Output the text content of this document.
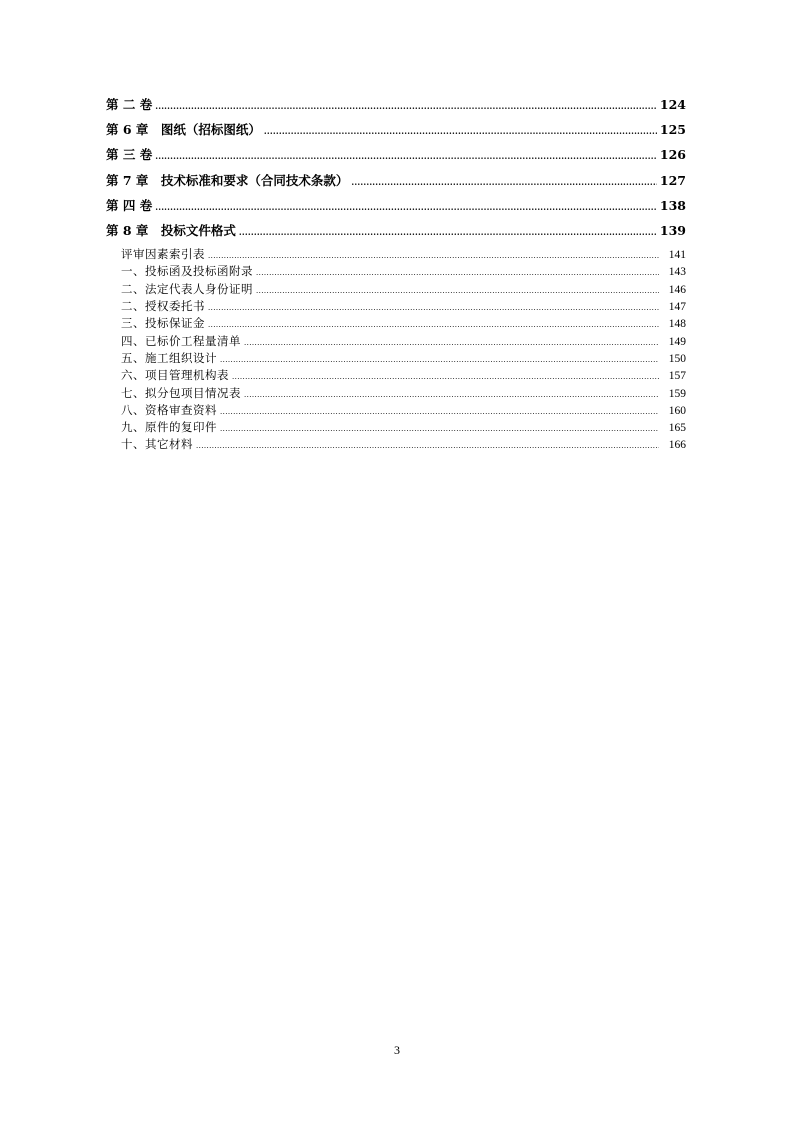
第 二 卷 .....	124
第 6 章　图纸（招标图纸） .....	125
第 三 卷 .....	126
第 7 章　技术标准和要求（合同技术条款） .....	127
第 四 卷 .....	138
第 8 章　投标文件格式 .....	139
评审因素索引表 .....	141
一、投标函及投标函附录 .....	143
二、法定代表人身份证明 .....	146
二、授权委托书 .....	147
三、投标保证金 .....	148
四、已标价工程量清单 .....	149
五、施工组织设计 .....	150
六、项目管理机构表 .....	157
七、拟分包项目情况表 .....	159
八、资格审查资料 .....	160
九、原件的复印件 .....	165
十、其它材料 .....	166
3
